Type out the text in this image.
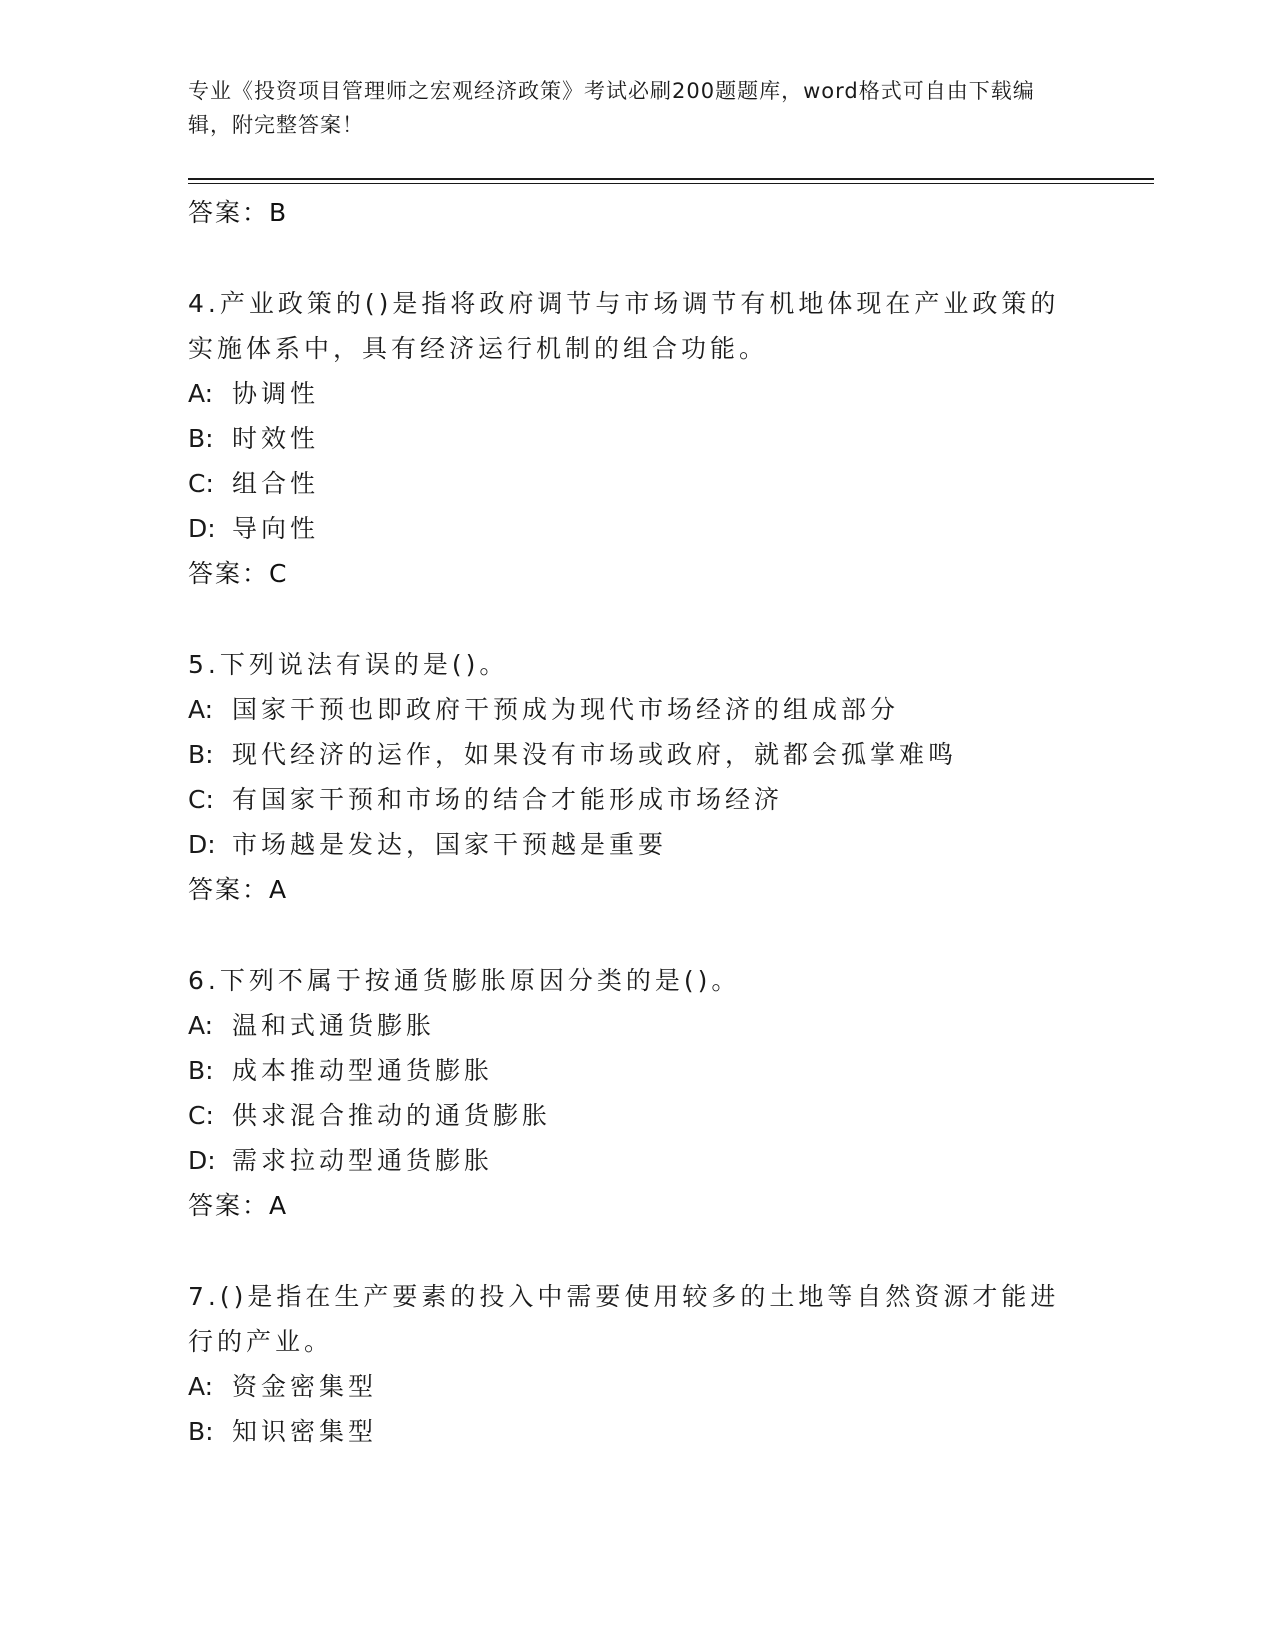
专业《投资项目管理师之宏观经济政策》考试必刷200题题库，word格式可自由下载编辑，附完整答案！
答案：B
4.产业政策的()是指将政府调节与市场调节有机地体现在产业政策的实施体系中，具有经济运行机制的组合功能。
A: 协调性
B: 时效性
C: 组合性
D: 导向性
答案：C
5.下列说法有误的是()。
A: 国家干预也即政府干预成为现代市场经济的组成部分
B: 现代经济的运作，如果没有市场或政府，就都会孤掌难鸣
C: 有国家干预和市场的结合才能形成市场经济
D: 市场越是发达，国家干预越是重要
答案：A
6.下列不属于按通货膨胀原因分类的是()。
A: 温和式通货膨胀
B: 成本推动型通货膨胀
C: 供求混合推动的通货膨胀
D: 需求拉动型通货膨胀
答案：A
7.()是指在生产要素的投入中需要使用较多的土地等自然资源才能进行的产业。
A: 资金密集型
B: 知识密集型
